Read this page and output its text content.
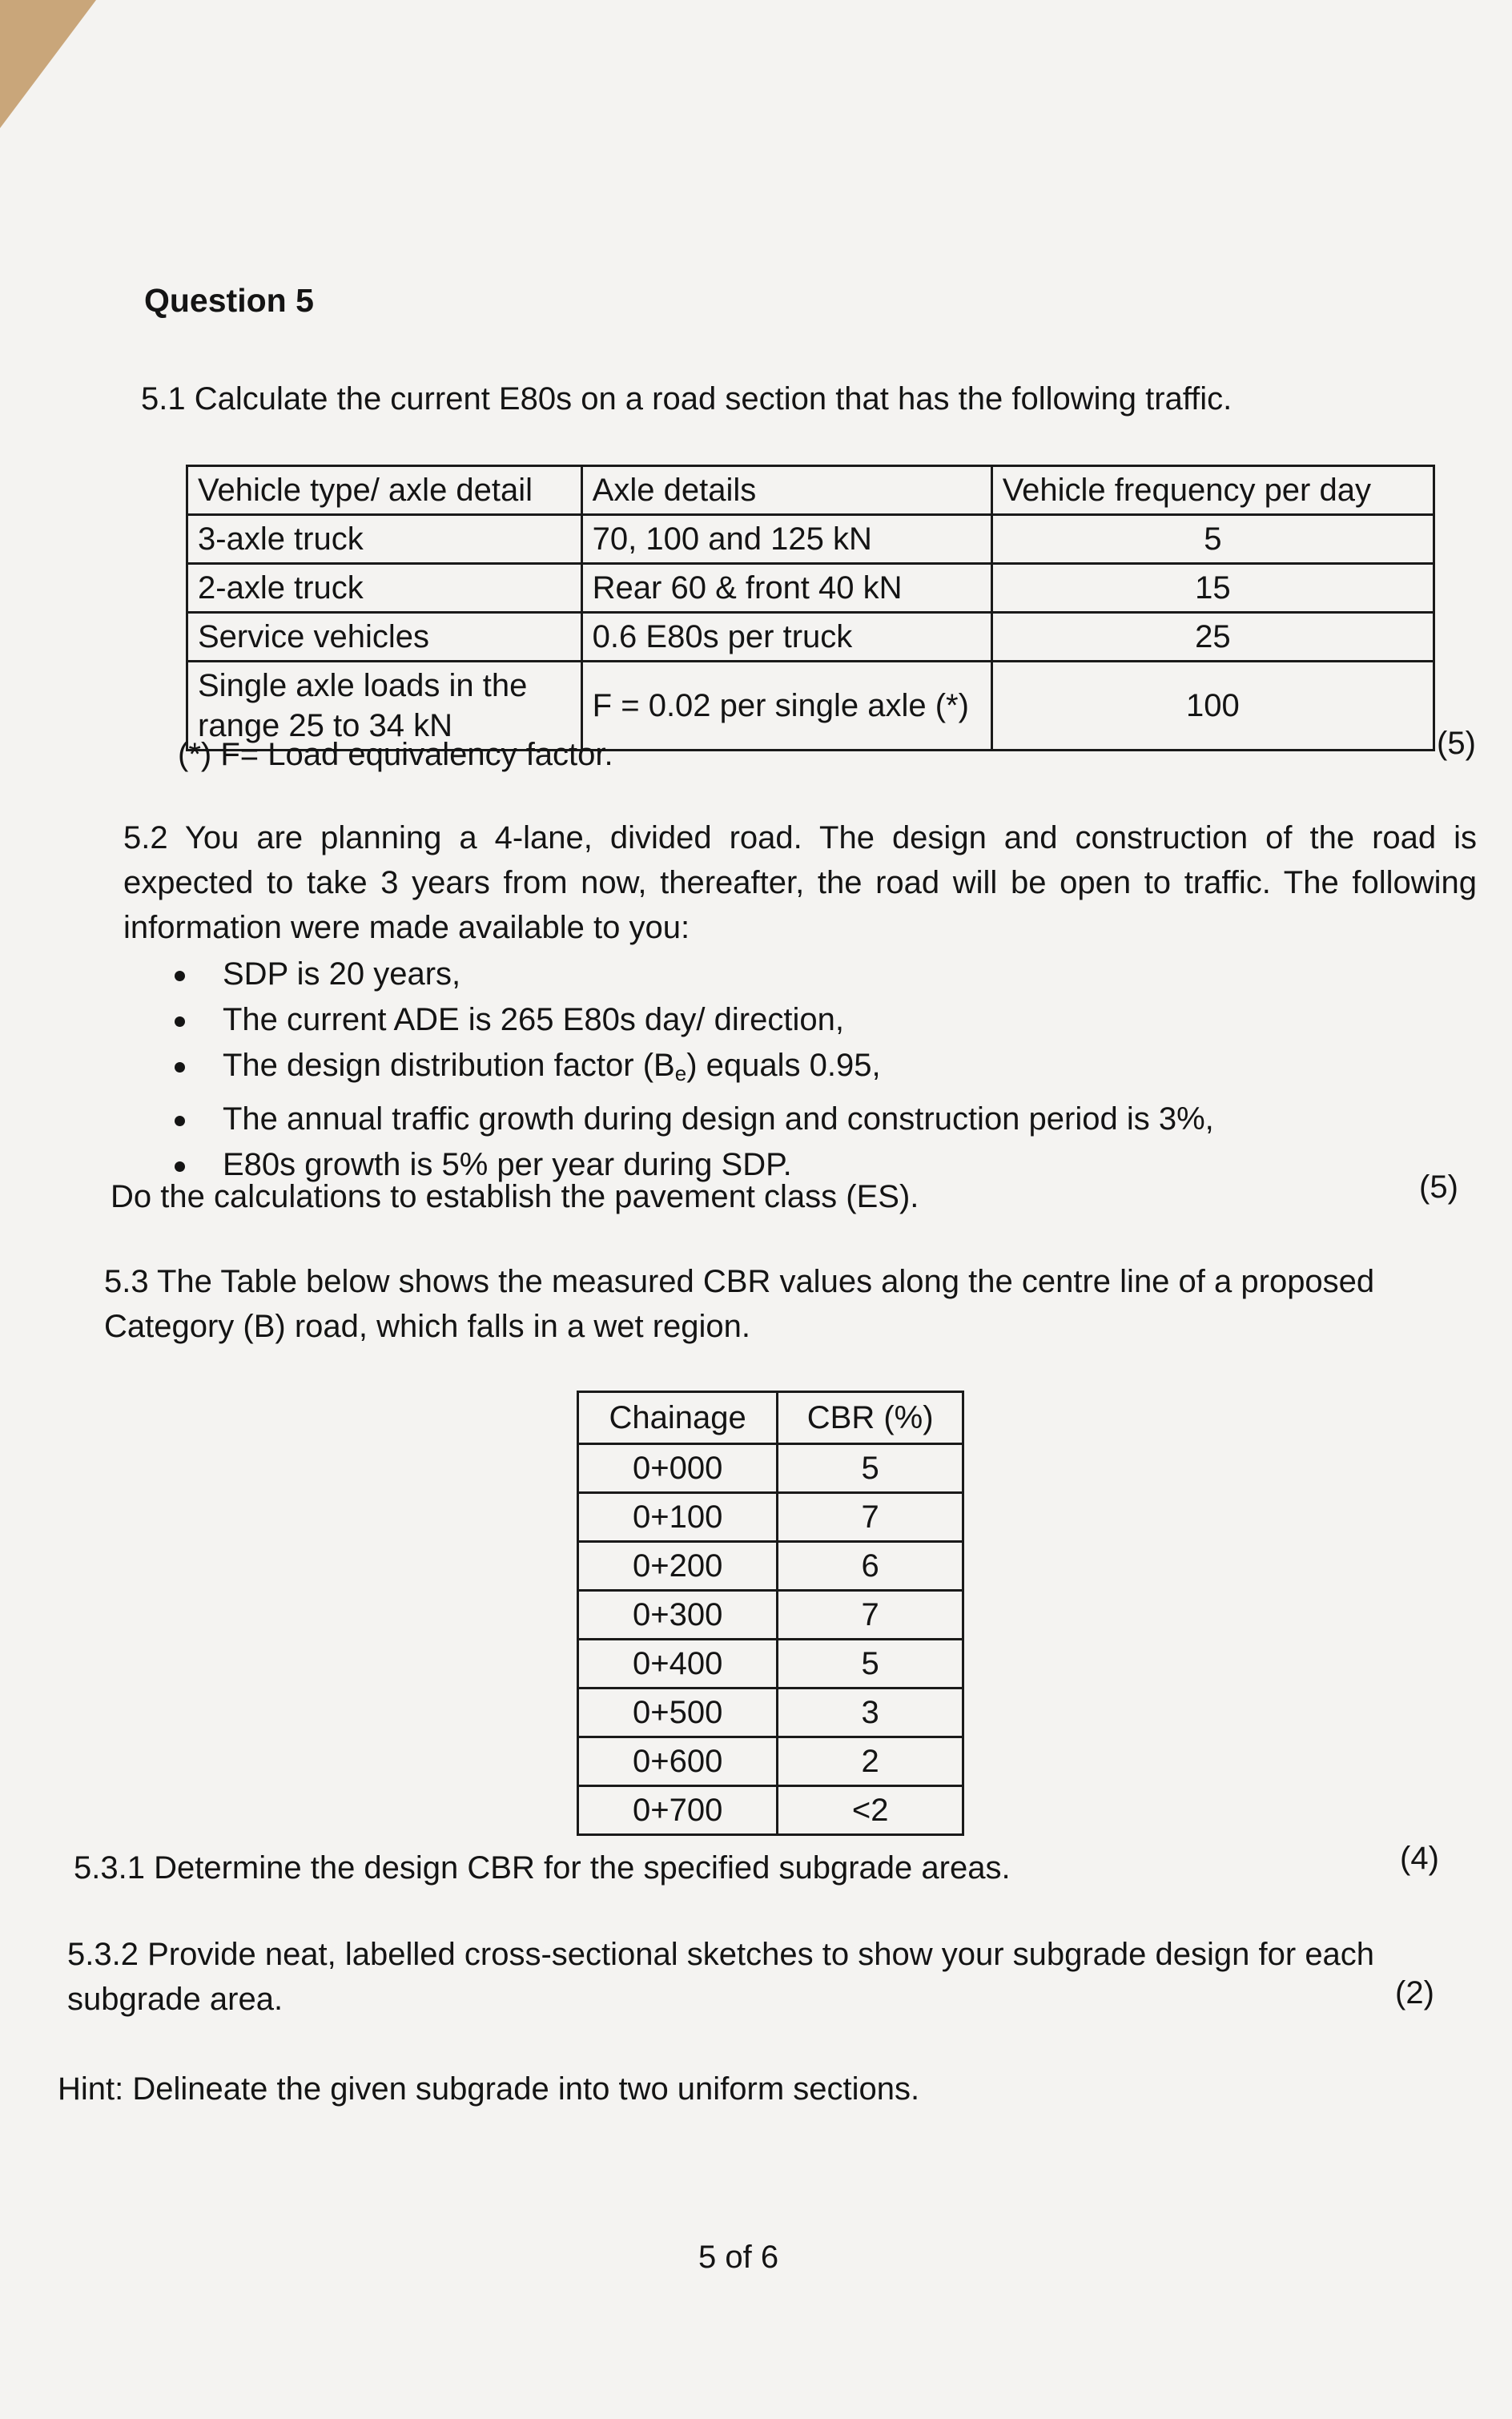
Question 5
5.1 Calculate the current E80s on a road section that has the following traffic.
Vehicle type/ axle detail	Axle details	Vehicle frequency per day
3-axle truck	70, 100 and 125 kN	5
2-axle truck	Rear 60 & front 40 kN	15
Service vehicles	0.6 E80s per truck	25
Single axle loads in the range 25 to 34 kN	F = 0.02 per single axle (*)	100
(*) F= Load equivalency factor.	(5)
5.2 You are planning a 4-lane, divided road. The design and construction of the road is expected to take 3 years from now, thereafter, the road will be open to traffic. The following information were made available to you:
SDP is 20 years,
The current ADE is 265 E80s day/ direction,
The design distribution factor $(B_e)$ equals 0.95,
The annual traffic growth during design and construction period is 3%,
E80s growth is 5% per year during SDP.
Do the calculations to establish the pavement class (ES).	(5)
5.3 The Table below shows the measured CBR values along the centre line of a proposed Category (B) road, which falls in a wet region.
Chainage	CBR (%)
0+000	5
0+100	7
0+200	6
0+300	7
0+400	5
0+500	3
0+600	2
0+700	<2
5.3.1 Determine the design CBR for the specified subgrade areas.	(4)
5.3.2 Provide neat, labelled cross-sectional sketches to show your subgrade design for each subgrade area.	(2)
Hint: Delineate the given subgrade into two uniform sections.
5 of 6
